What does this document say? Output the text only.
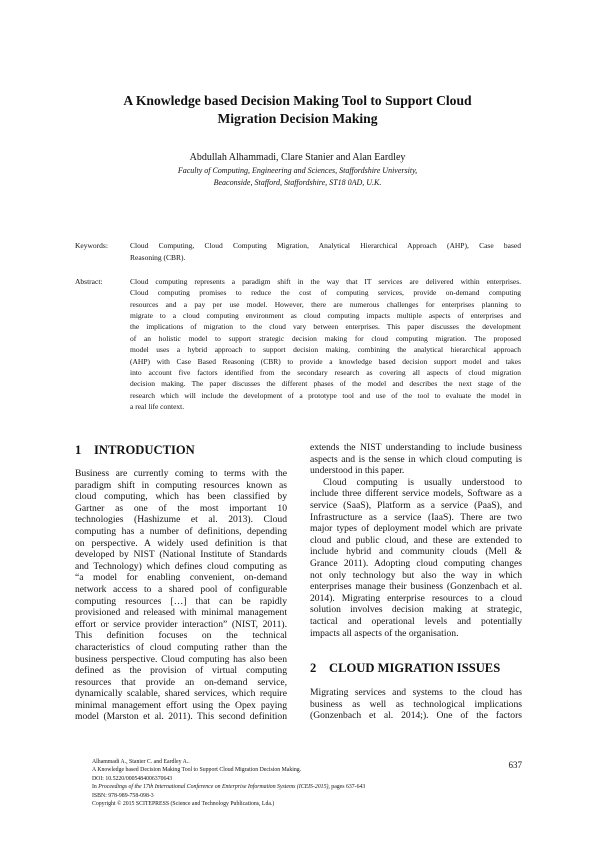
A Knowledge based Decision Making Tool to Support Cloud
Migration Decision Making
Abdullah Alhammadi, Clare Stanier and Alan Eardley
Faculty of Computing, Engineering and Sciences, Staffordshire University,
Beaconside, Stafford, Staffordshire, ST18 0AD, U.K.
Keywords:	Cloud Computing, Cloud Computing Migration, Analytical Hierarchical Approach (AHP), Case based
Reasoning (CBR).
Abstract:	Cloud computing represents a paradigm shift in the way that IT services are delivered within enterprises.
Cloud computing promises to reduce the cost of computing services, provide on-demand computing
resources and a pay per use model. However, there are numerous challenges for enterprises planning to
migrate to a cloud computing environment as cloud computing impacts multiple aspects of enterprises and
the implications of migration to the cloud vary between enterprises. This paper discusses the development
of an holistic model to support strategic decision making for cloud computing migration. The proposed
model uses a hybrid approach to support decision making, combining the analytical hierarchical approach
(AHP) with Case Based Reasoning (CBR) to provide a knowledge based decision support model and takes
into account five factors identified from the secondary research as covering all aspects of cloud migration
decision making. The paper discusses the different phases of the model and describes the next stage of the
research which will include the development of a prototype tool and use of the tool to evaluate the model in
a real life context.
1 INTRODUCTION
Business are currently coming to terms with the
paradigm shift in computing resources known as
cloud computing, which has been classified by
Gartner as one of the most important 10
technologies (Hashizume et al. 2013). Cloud
computing has a number of definitions, depending
on perspective. A widely used definition is that
developed by NIST (National Institute of Standards
and Technology) which defines cloud computing as
“a model for enabling convenient, on-demand
network access to a shared pool of configurable
computing resources […] that can be rapidly
provisioned and released with minimal management
effort or service provider interaction” (NIST, 2011).
This definition focuses on the technical
characteristics of cloud computing rather than the
business perspective. Cloud computing has also been
defined as the provision of virtual computing
resources that provide an on-demand service,
dynamically scalable, shared services, which require
minimal management effort using the Opex paying
model (Marston et al. 2011). This second definition
extends the NIST understanding to include business
aspects and is the sense in which cloud computing is
understood in this paper.
Cloud computing is usually understood to
include three different service models, Software as a
service (SaaS), Platform as a service (PaaS), and
Infrastructure as a service (IaaS). There are two
major types of deployment model which are private
cloud and public cloud, and these are extended to
include hybrid and community clouds (Mell &
Grance 2011). Adopting cloud computing changes
not only technology but also the way in which
enterprises manage their business (Gonzenbach et al.
2014). Migrating enterprise resources to a cloud
solution involves decision making at strategic,
tactical and operational levels and potentially
impacts all aspects of the organisation.
2 CLOUD MIGRATION ISSUES
Migrating services and systems to the cloud has
business as well as technological implications
(Gonzenbach et al. 2014;). One of the factors
Alhammadi A., Stanier C. and Eardley A..
A Knowledge based Decision Making Tool to Support Cloud Migration Decision Making.
DOI: 10.5220/0005484006370643
In Proceedings of the 17th International Conference on Enterprise Information Systems (ICEIS-2015), pages 637-643
ISBN: 978-989-758-098-3
Copyright © 2015 SCITEPRESS (Science and Technology Publications, Lda.)
637
